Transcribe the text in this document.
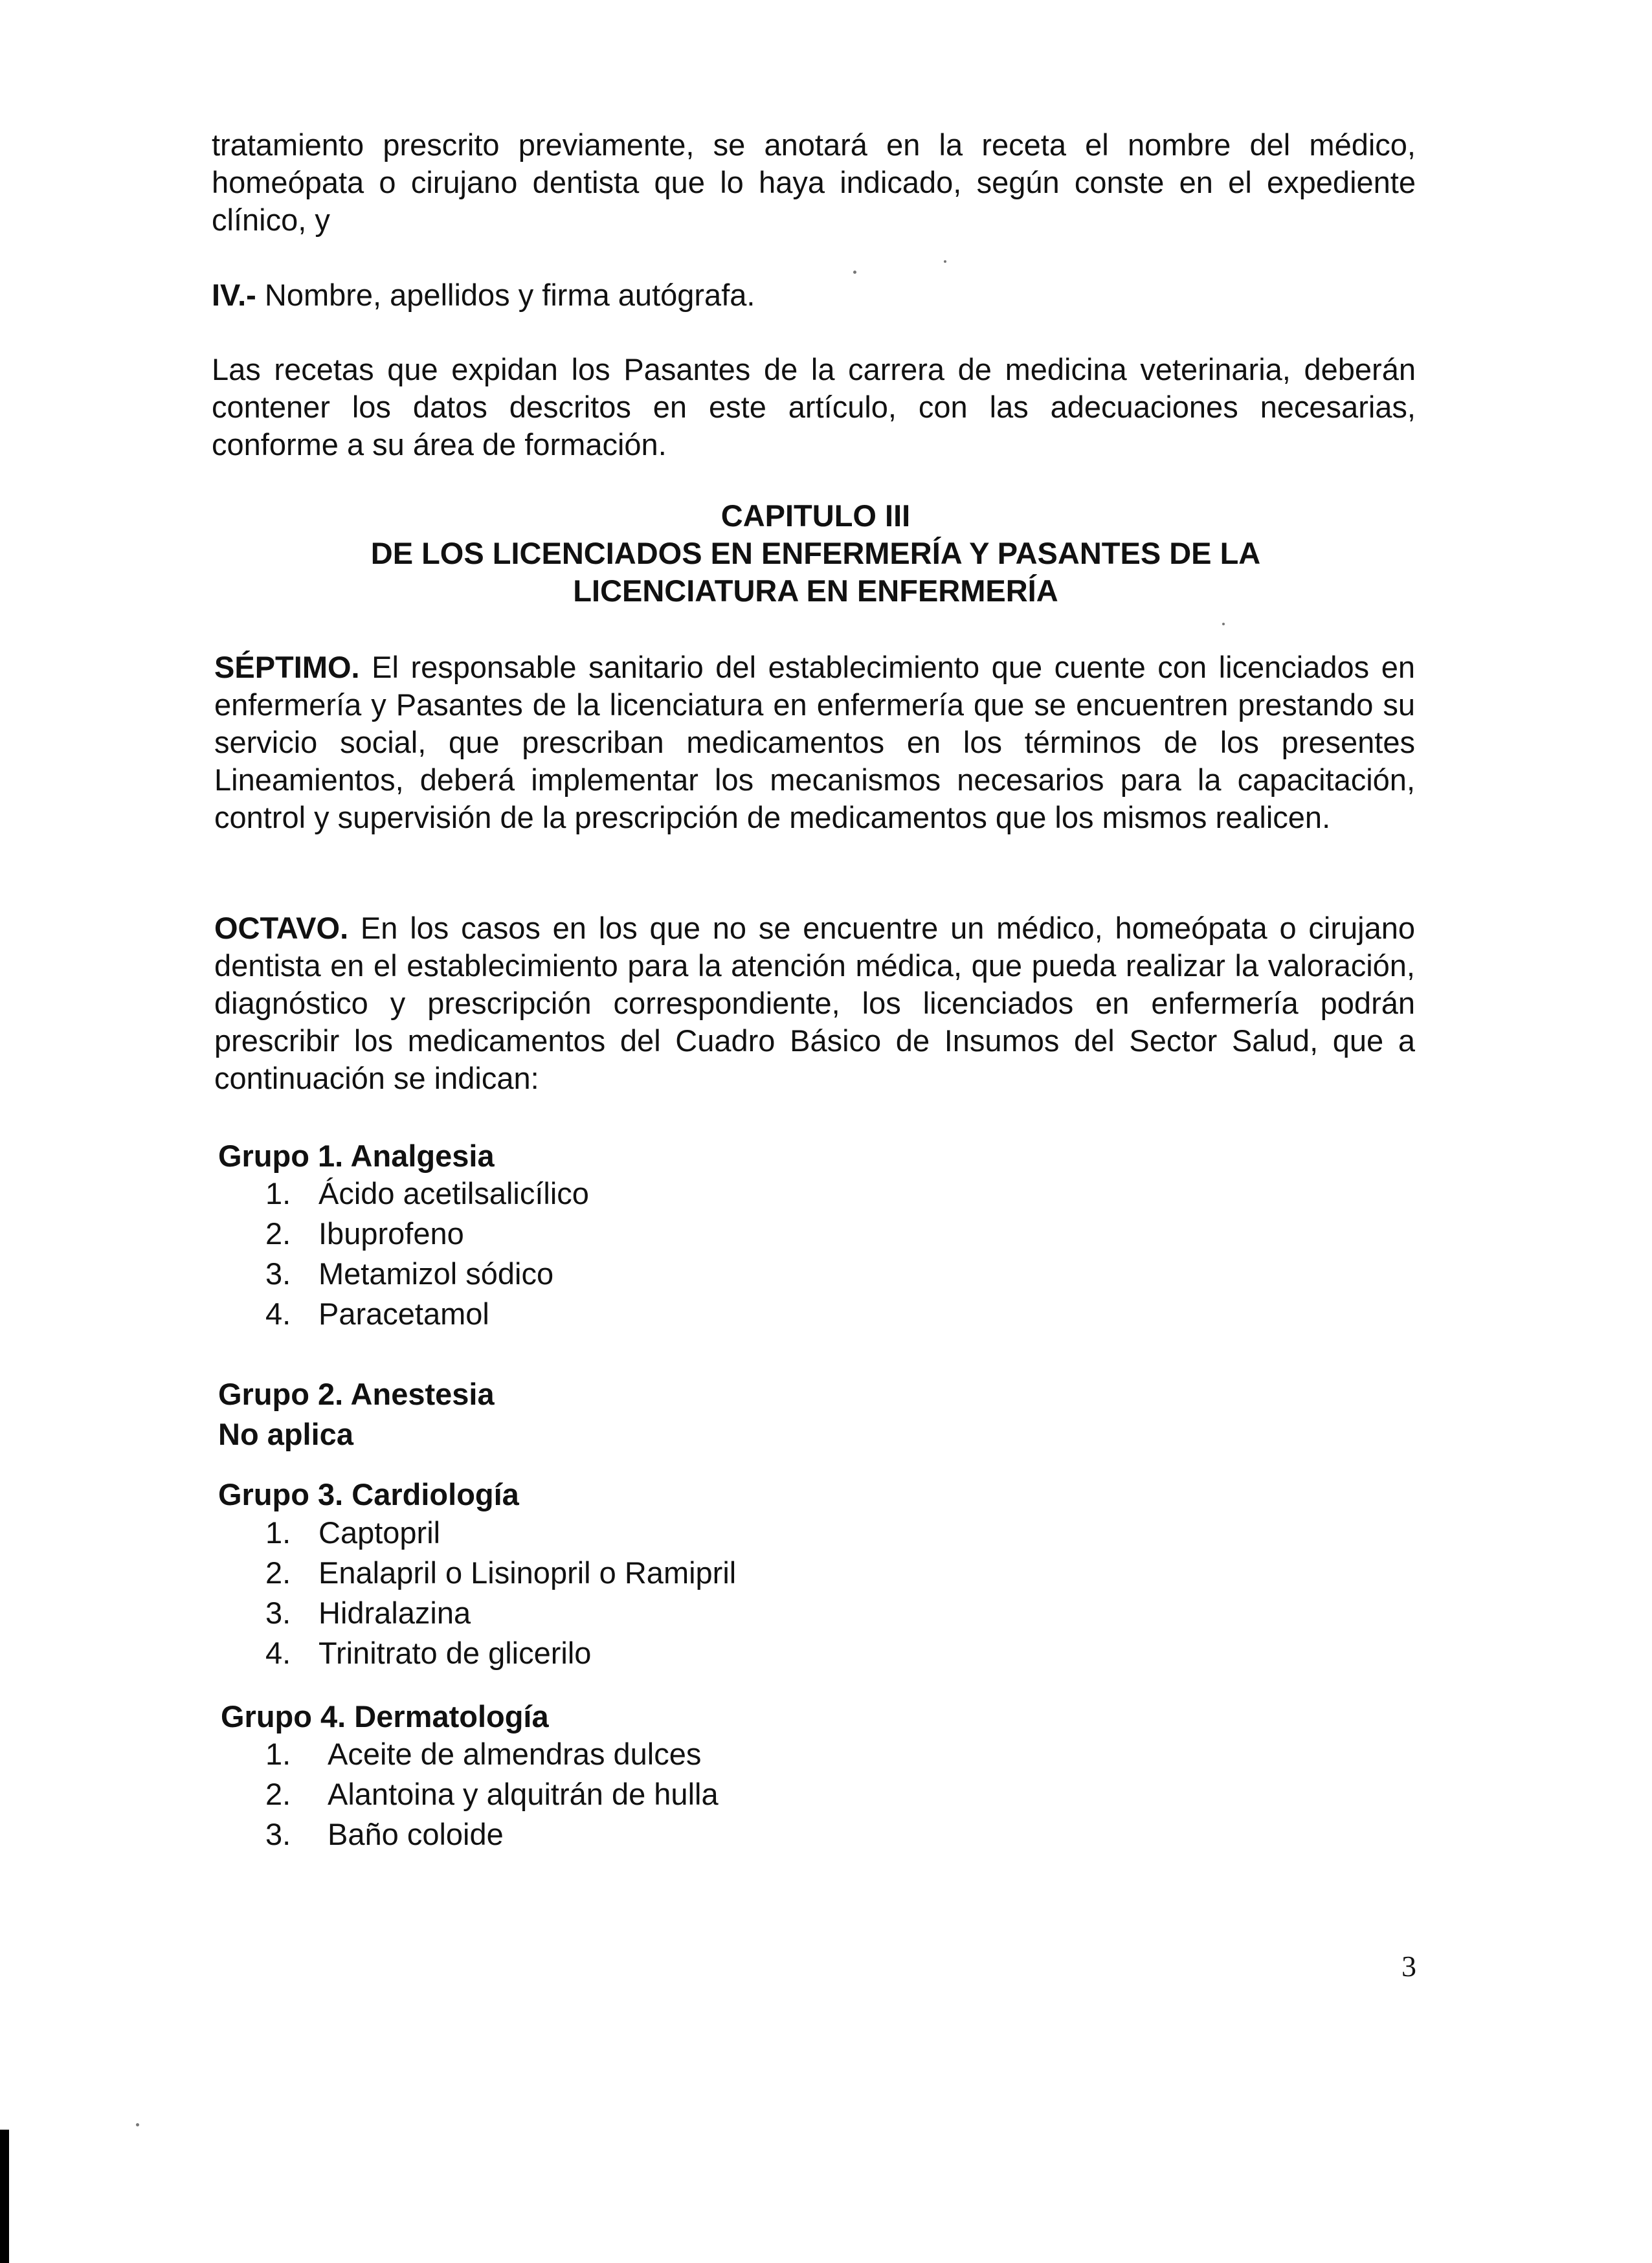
tratamiento prescrito previamente, se anotará en la receta el nombre del médico, homeópata o cirujano dentista que lo haya indicado, según conste en el expediente clínico, y

IV.- Nombre, apellidos y firma autógrafa.

Las recetas que expidan los Pasantes de la carrera de medicina veterinaria, deberán contener los datos descritos en este artículo, con las adecuaciones necesarias, conforme a su área de formación.

CAPITULO III
DE LOS LICENCIADOS EN ENFERMERÍA Y PASANTES DE LA
LICENCIATURA EN ENFERMERÍA

SÉPTIMO. El responsable sanitario del establecimiento que cuente con licenciados en enfermería y Pasantes de la licenciatura en enfermería que se encuentren prestando su servicio social, que prescriban medicamentos en los términos de los presentes Lineamientos, deberá implementar los mecanismos necesarios para la capacitación, control y supervisión de la prescripción de medicamentos que los mismos realicen.

OCTAVO. En los casos en los que no se encuentre un médico, homeópata o cirujano dentista en el establecimiento para la atención médica, que pueda realizar la valoración, diagnóstico y prescripción correspondiente, los licenciados en enfermería podrán prescribir los medicamentos del Cuadro Básico de Insumos del Sector Salud, que a continuación se indican:

Grupo 1. Analgesia
1. Ácido acetilsalicílico
2. Ibuprofeno
3. Metamizol sódico
4. Paracetamol
Grupo 2. Anestesia
No aplica
Grupo 3. Cardiología
1. Captopril
2. Enalapril o Lisinopril o Ramipril
3. Hidralazina
4. Trinitrato de glicerilo
Grupo 4. Dermatología
1. Aceite de almendras dulces
2. Alantoina y alquitrán de hulla
3. Baño coloide
3
